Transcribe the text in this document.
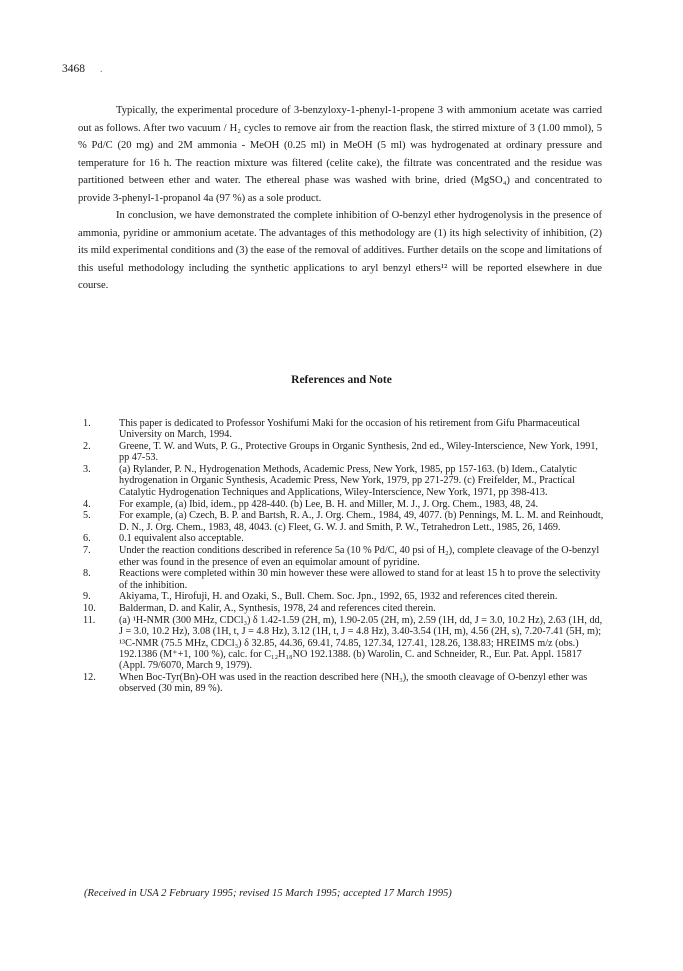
3468 .

Typically, the experimental procedure of 3-benzyloxy-1-phenyl-1-propene 3 with ammonium acetate was carried out as follows. After two vacuum / H₂ cycles to remove air from the reaction flask, the stirred mixture of 3 (1.00 mmol), 5 % Pd/C (20 mg) and 2M ammonia - MeOH (0.25 ml) in MeOH (5 ml) was hydrogenated at ordinary pressure and temperature for 16 h. The reaction mixture was filtered (celite cake), the filtrate was concentrated and the residue was partitioned between ether and water. The ethereal phase was washed with brine, dried (MgSO₄) and concentrated to provide 3-phenyl-1-propanol 4a (97 %) as a sole product.

In conclusion, we have demonstrated the complete inhibition of O-benzyl ether hydrogenolysis in the presence of ammonia, pyridine or ammonium acetate. The advantages of this methodology are (1) its high selectivity of inhibition, (2) its mild experimental conditions and (3) the ease of the removal of additives. Further details on the scope and limitations of this useful methodology including the synthetic applications to aryl benzyl ethers¹² will be reported elsewhere in due course.

References and Note
1.	This paper is dedicated to Professor Yoshifumi Maki for the occasion of his retirement from Gifu Pharmaceutical University on March, 1994.
2.	Greene, T. W. and Wuts, P. G., Protective Groups in Organic Synthesis, 2nd ed., Wiley-Interscience, New York, 1991, pp 47-53.
3.	(a) Rylander, P. N., Hydrogenation Methods, Academic Press, New York, 1985, pp 157-163. (b) Idem., Catalytic hydrogenation in Organic Synthesis, Academic Press, New York, 1979, pp 271-279. (c) Freifelder, M., Practical Catalytic Hydrogenation Techniques and Applications, Wiley-Interscience, New York, 1971, pp 398-413.
4.	For example, (a) Ibid, idem., pp 428-440. (b) Lee, B. H. and Miller, M. J., J. Org. Chem., 1983, 48, 24.
5.	For example, (a) Czech, B. P. and Bartsh, R. A., J. Org. Chem., 1984, 49, 4077. (b) Pennings, M. L. M. and Reinhoudt, D. N., J. Org. Chem., 1983, 48, 4043. (c) Fleet, G. W. J. and Smith, P. W., Tetrahedron Lett., 1985, 26, 1469.
6.	0.1 equivalent also acceptable.
7.	Under the reaction conditions described in reference 5a (10 % Pd/C, 40 psi of H₂), complete cleavage of the O-benzyl ether was found in the presence of even an equimolar amount of pyridine.
8.	Reactions were completed within 30 min however these were allowed to stand for at least 15 h to prove the selectivity of the inhibition.
9.	Akiyama, T., Hirofuji, H. and Ozaki, S., Bull. Chem. Soc. Jpn., 1992, 65, 1932 and references cited therein.
10.	Balderman, D. and Kalir, A., Synthesis, 1978, 24 and references cited therein.
11.	(a) ¹H-NMR (300 MHz, CDCl₃) δ 1.42-1.59 (2H, m), 1.90-2.05 (2H, m), 2.59 (1H, dd, J = 3.0, 10.2 Hz), 2.63 (1H, dd, J = 3.0, 10.2 Hz), 3.08 (1H, t, J = 4.8 Hz), 3.12 (1H, t, J = 4.8 Hz), 3.40-3.54 (1H, m), 4.56 (2H, s), 7.20-7.41 (5H, m); ¹³C-NMR (75.5 MHz, CDCl₃) δ 32.85, 44.36, 69.41, 74.85, 127.34, 127.41, 128.26, 138.83; HREIMS m/z (obs.) 192.1386 (M⁺+1, 100 %), calc. for C₁₂H₁₈NO 192.1388. (b) Warolin, C. and Schneider, R., Eur. Pat. Appl. 15817 (Appl. 79/6070, March 9, 1979).
12.	When Boc-Tyr(Bn)-OH was used in the reaction described here (NH₃), the smooth cleavage of O-benzyl ether was observed (30 min, 89 %).
(Received in USA 2 February 1995; revised 15 March 1995; accepted 17 March 1995)
